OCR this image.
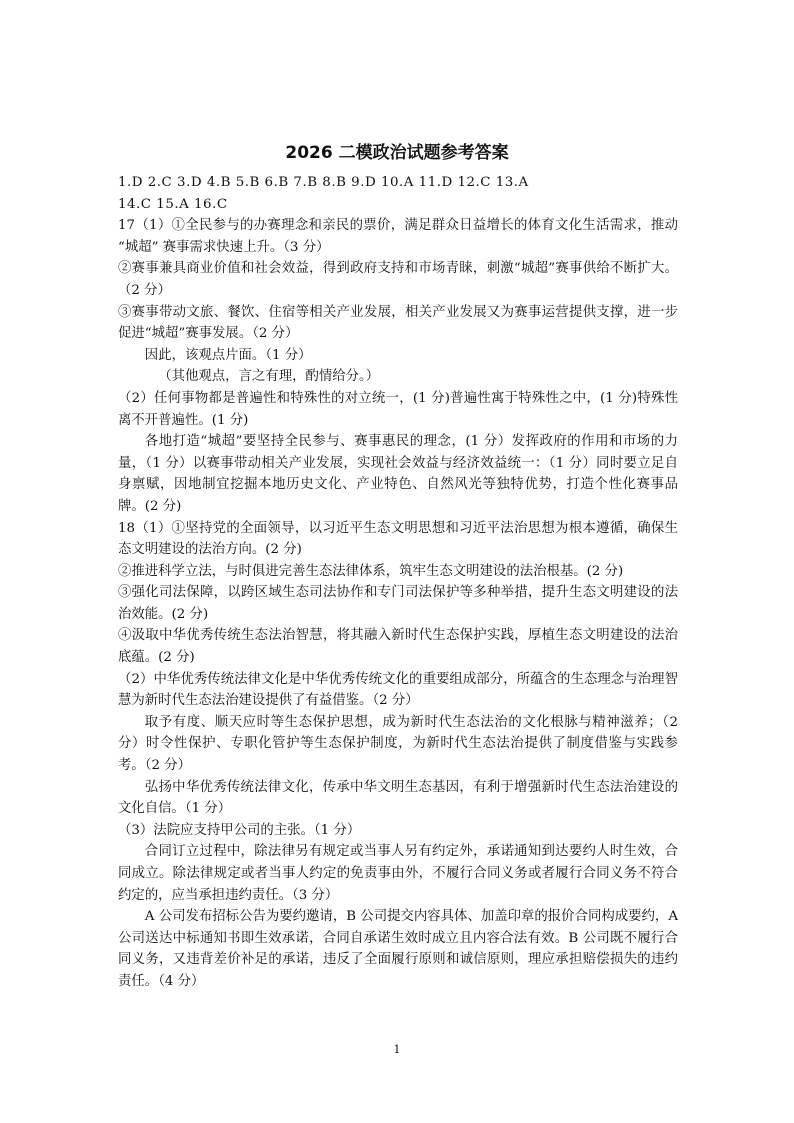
2026 二模政治试题参考答案

1.D 2.C 3.D 4.B 5.B 6.B 7.B 8.B 9.D 10.A 11.D 12.C 13.A

14.C 15.A 16.C

17（1）①全民参与的办赛理念和亲民的票价，满足群众日益增长的体育文化生活需求，推动 “城超” 赛事需求快速上升。（3 分）

②赛事兼具商业价值和社会效益，得到政府支持和市场青睐，刺激“城超”赛事供给不断扩大。（2 分）

③赛事带动文旅、餐饮、住宿等相关产业发展，相关产业发展又为赛事运营提供支撑，进一步促进“城超”赛事发展。（2 分）

因此，该观点片面。（1 分）

（其他观点，言之有理，酌情给分。）

（2）任何事物都是普遍性和特殊性的对立统一，(1 分)普遍性寓于特殊性之中，(1 分)特殊性离不开普遍性。(1 分)

各地打造“城超”要坚持全民参与、赛事惠民的理念，(1 分）发挥政府的作用和市场的力量，（1 分）以赛事带动相关产业发展，实现社会效益与经济效益统一：（1 分）同时要立足自身禀赋，因地制宜挖掘本地历史文化、产业特色、自然风光等独特优势，打造个性化赛事品牌。(2 分)

18（1）①坚持党的全面领导，以习近平生态文明思想和习近平法治思想为根本遵循，确保生态文明建设的法治方向。(2 分)

②推进科学立法，与时俱进完善生态法律体系，筑牢生态文明建设的法治根基。(2 分)

③强化司法保障，以跨区域生态司法协作和专门司法保护等多种举措，提升生态文明建设的法治效能。(2 分)

④汲取中华优秀传统生态法治智慧，将其融入新时代生态保护实践，厚植生态文明建设的法治底蕴。(2 分)

（2）中华优秀传统法律文化是中华优秀传统文化的重要组成部分，所蕴含的生态理念与治理智慧为新时代生态法治建设提供了有益借鉴。（2 分）

取予有度、顺天应时等生态保护思想，成为新时代生态法治的文化根脉与精神滋养；（2 分）时令性保护、专职化管护等生态保护制度，为新时代生态法治提供了制度借鉴与实践参考。（2 分）

弘扬中华优秀传统法律文化，传承中华文明生态基因，有利于增强新时代生态法治建设的文化自信。（1 分）

（3）法院应支持甲公司的主张。（1 分）

合同订立过程中，除法律另有规定或当事人另有约定外，承诺通知到达要约人时生效，合同成立。除法律规定或者当事人约定的免责事由外，不履行合同义务或者履行合同义务不符合约定的，应当承担违约责任。（3 分）

A 公司发布招标公告为要约邀请，B 公司提交内容具体、加盖印章的报价合同构成要约，A 公司送达中标通知书即生效承诺，合同自承诺生效时成立且内容合法有效。B 公司既不履行合同义务，又违背差价补足的承诺，违反了全面履行原则和诚信原则，理应承担赔偿损失的违约责任。（4 分）

1
